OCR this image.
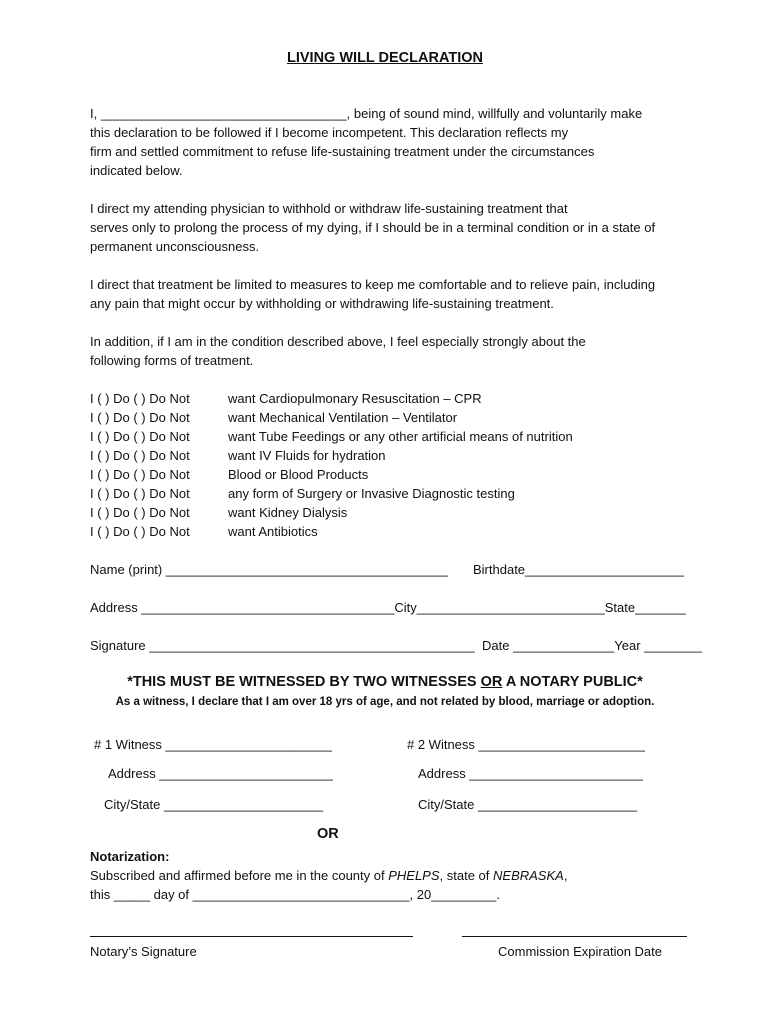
LIVING WILL DECLARATION
I, __________________________________, being of sound mind, willfully and voluntarily make
this declaration to be followed if I become incompetent. This declaration reflects my
firm and settled commitment to refuse life-sustaining treatment under the circumstances
indicated below.
I direct my attending physician to withhold or withdraw life-sustaining treatment that
serves only to prolong the process of my dying, if I should be in a terminal condition or in a state of
permanent unconsciousness.
I direct that treatment be limited to measures to keep me comfortable and to relieve pain, including
any pain that might occur by withholding or withdrawing life-sustaining treatment.
In addition, if I am in the condition described above, I feel especially strongly about the
following forms of treatment.
I ( ) Do ( ) Do Not	want Cardiopulmonary Resuscitation – CPR
I ( ) Do ( ) Do Not	want Mechanical Ventilation – Ventilator
I ( ) Do ( ) Do Not	want Tube Feedings or any other artificial means of nutrition
I ( ) Do ( ) Do Not	want IV Fluids for hydration
I ( ) Do ( ) Do Not	Blood or Blood Products
I ( ) Do ( ) Do Not	any form of Surgery or Invasive Diagnostic testing
I ( ) Do ( ) Do Not	want Kidney Dialysis
I ( ) Do ( ) Do Not	want Antibiotics
Name (print) _______________________________________ Birthdate______________________
Address ___________________________________City__________________________State_______
Signature _____________________________________________ Date ______________Year ________
*THIS MUST BE WITNESSED BY TWO WITNESSES OR A NOTARY PUBLIC*
As a witness, I declare that I am over 18 yrs of age, and not related by blood, marriage or adoption.
# 1 Witness _______________________
Address ________________________
City/State ______________________
# 2 Witness _______________________
Address ________________________
City/State ______________________
OR
Notarization:
Subscribed and affirmed before me in the county of PHELPS, state of NEBRASKA,
this _____ day of ______________________________, 20_________.
Notary’s Signature	Commission Expiration Date
